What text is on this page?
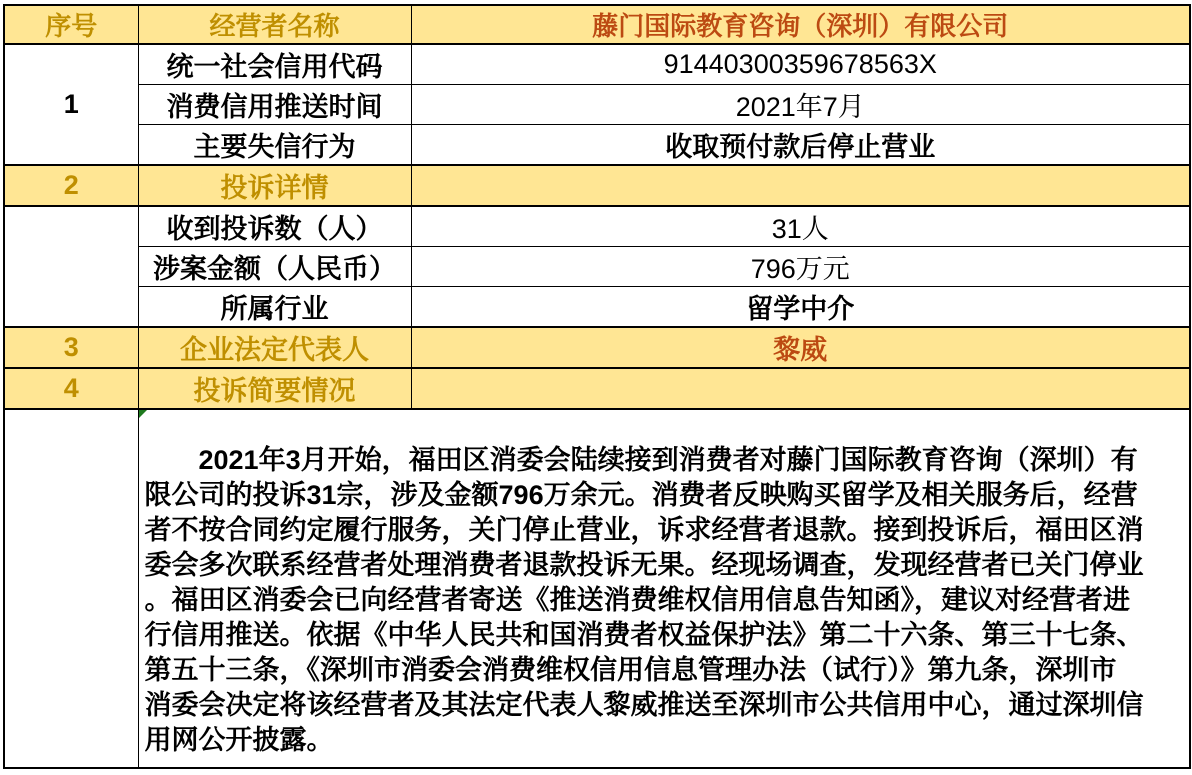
序号	经营者名称	藤门国际教育咨询（深圳）有限公司
1	统一社会信用代码	91440300359678563X
	消费信用推送时间	2021年7月
	主要失信行为	收取预付款后停止营业
2	投诉详情	
	收到投诉数（人）	31人
	涉案金额（人民币）	796万元
	所属行业	留学中介
3	企业法定代表人	黎威
4	投诉简要情况	

2021年3月开始，福田区消委会陆续接到消费者对藤门国际教育咨询（深圳）有
限公司的投诉31宗，涉及金额796万余元。消费者反映购买留学及相关服务后，经营
者不按合同约定履行服务，关门停止营业，诉求经营者退款。接到投诉后，福田区消
委会多次联系经营者处理消费者退款投诉无果。经现场调查，发现经营者已关门停业
。福田区消委会已向经营者寄送《推送消费维权信用信息告知函》，建议对经营者进
行信用推送。依据《中华人民共和国消费者权益保护法》第二十六条、第三十七条、
第五十三条，《深圳市消委会消费维权信用信息管理办法（试行）》第九条，深圳市
消委会决定将该经营者及其法定代表人黎威推送至深圳市公共信用中心，通过深圳信
用网公开披露。
